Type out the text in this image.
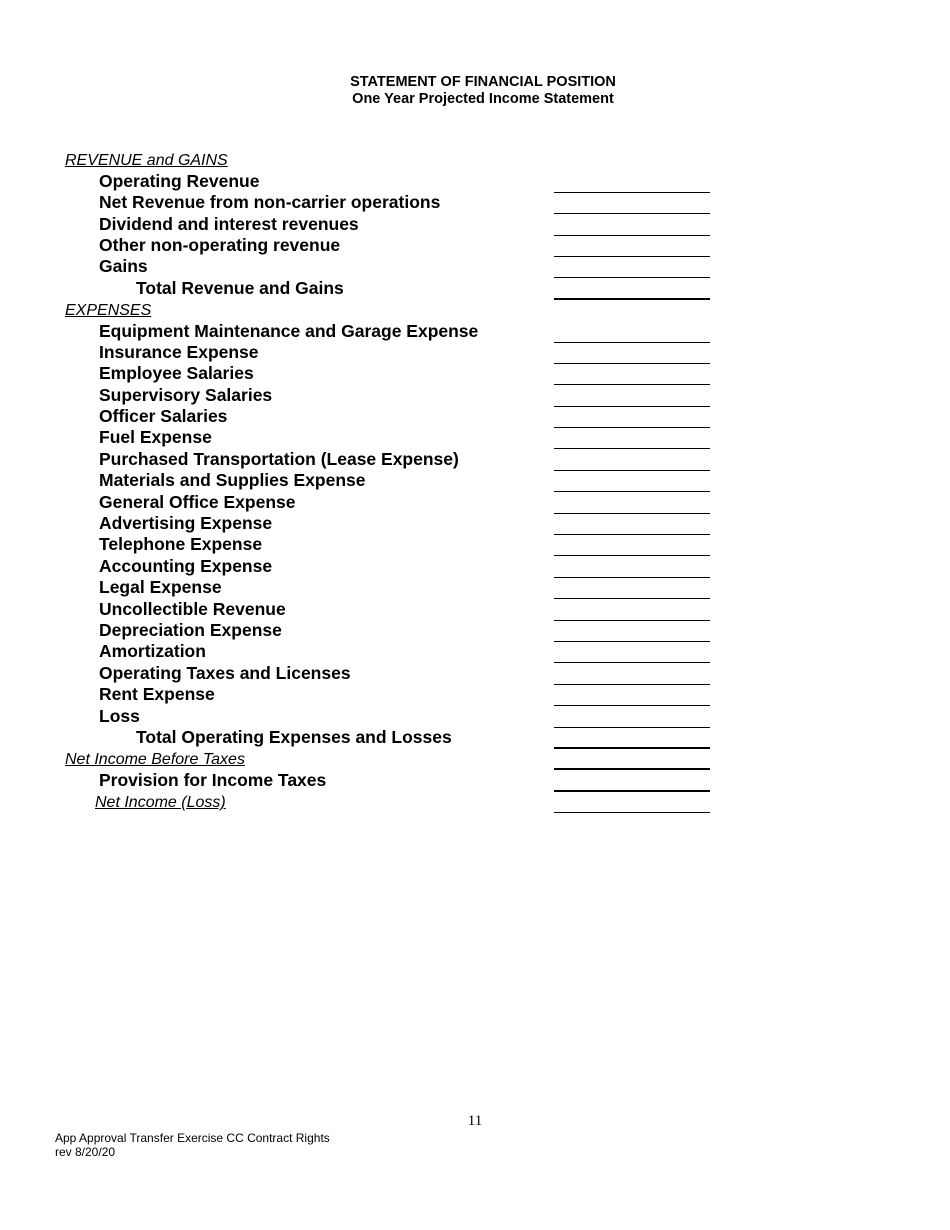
STATEMENT OF FINANCIAL POSITION
One Year Projected Income Statement
REVENUE and GAINS
Operating Revenue
Net Revenue from non-carrier operations
Dividend and interest revenues
Other non-operating revenue
Gains
Total Revenue and Gains
EXPENSES
Equipment Maintenance and Garage Expense
Insurance Expense
Employee Salaries
Supervisory Salaries
Officer Salaries
Fuel Expense
Purchased Transportation (Lease Expense)
Materials and Supplies Expense
General Office Expense
Advertising Expense
Telephone Expense
Accounting Expense
Legal Expense
Uncollectible Revenue
Depreciation Expense
Amortization
Operating Taxes and Licenses
Rent Expense
Loss
Total Operating Expenses and Losses
Net Income Before Taxes
Provision for Income Taxes
Net Income (Loss)
11
App Approval Transfer Exercise CC Contract Rights
rev 8/20/20
